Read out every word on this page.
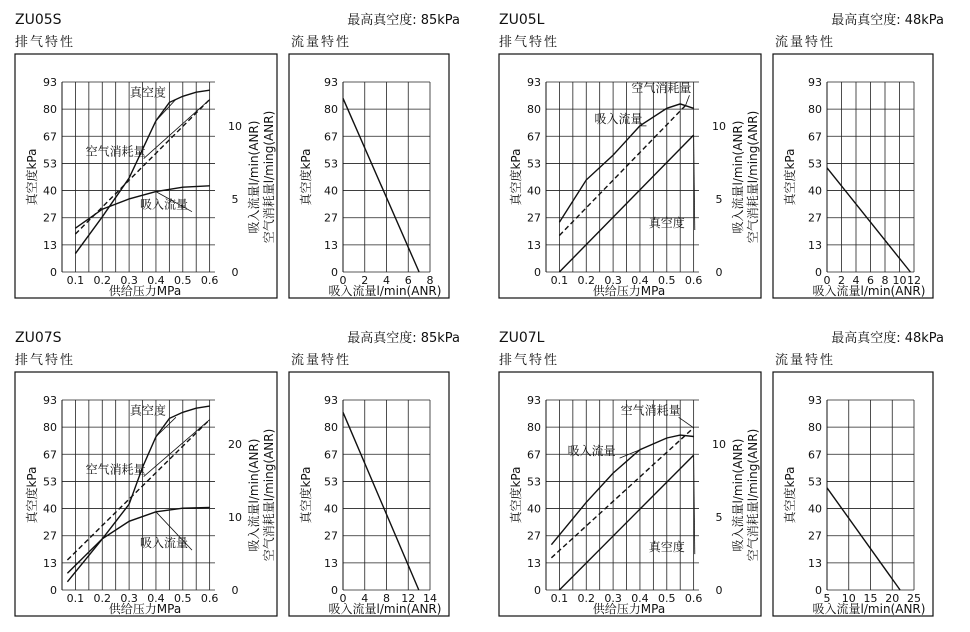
ZU05S	最高真空度: 85kPa
排气特性	流量特性
0
13
27
40
53
67
80
93
0.1 0.2 0.3 0.4 0.5 0.6
0
5
10
真空度kPa	吸入流量l/min(ANR) 空气消耗量l/ming(ANR)
供给压力MPa
真空度
空气消耗量
吸入流量
0
13
27
40
53
67
80
93
0 2 4 6 8
真空度kPa
吸入流量l/min(ANR)
ZU05L	最高真空度: 48kPa
排气特性	流量特性
0
13
27
40
53
67
80
93
0.1 0.2 0.3 0.4 0.5 0.6
0
5
10
真空度kPa	吸入流量l/min(ANR) 空气消耗量l/ming(ANR)
供给压力MPa
空气消耗量
吸入流量
真空度
0
13
27
40
53
67
80
93
0 2 4 6 8 10 12
真空度kPa
吸入流量l/min(ANR)
ZU07S	最高真空度: 85kPa
排气特性	流量特性
0
13
27
40
53
67
80
93
0.1 0.2 0.3 0.4 0.5 0.6
0
10
20
真空度kPa	吸入流量l/min(ANR) 空气消耗量l/ming(ANR)
供给压力MPa
真空度
空气消耗量
吸入流量
0
13
27
40
53
67
80
93
0 4 8 12 14
真空度kPa
吸入流量l/min(ANR)
ZU07L	最高真空度: 48kPa
排气特性	流量特性
0
13
27
40
53
67
80
93
0.1 0.2 0.3 0.4 0.5 0.6
0
5
10
真空度kPa	吸入流量l/min(ANR) 空气消耗量l/ming(ANR)
供给压力MPa
空气消耗量
吸入流量
真空度
0
13
27
40
53
67
80
93
5 10 15 20 25
真空度kPa
吸入流量l/min(ANR)
